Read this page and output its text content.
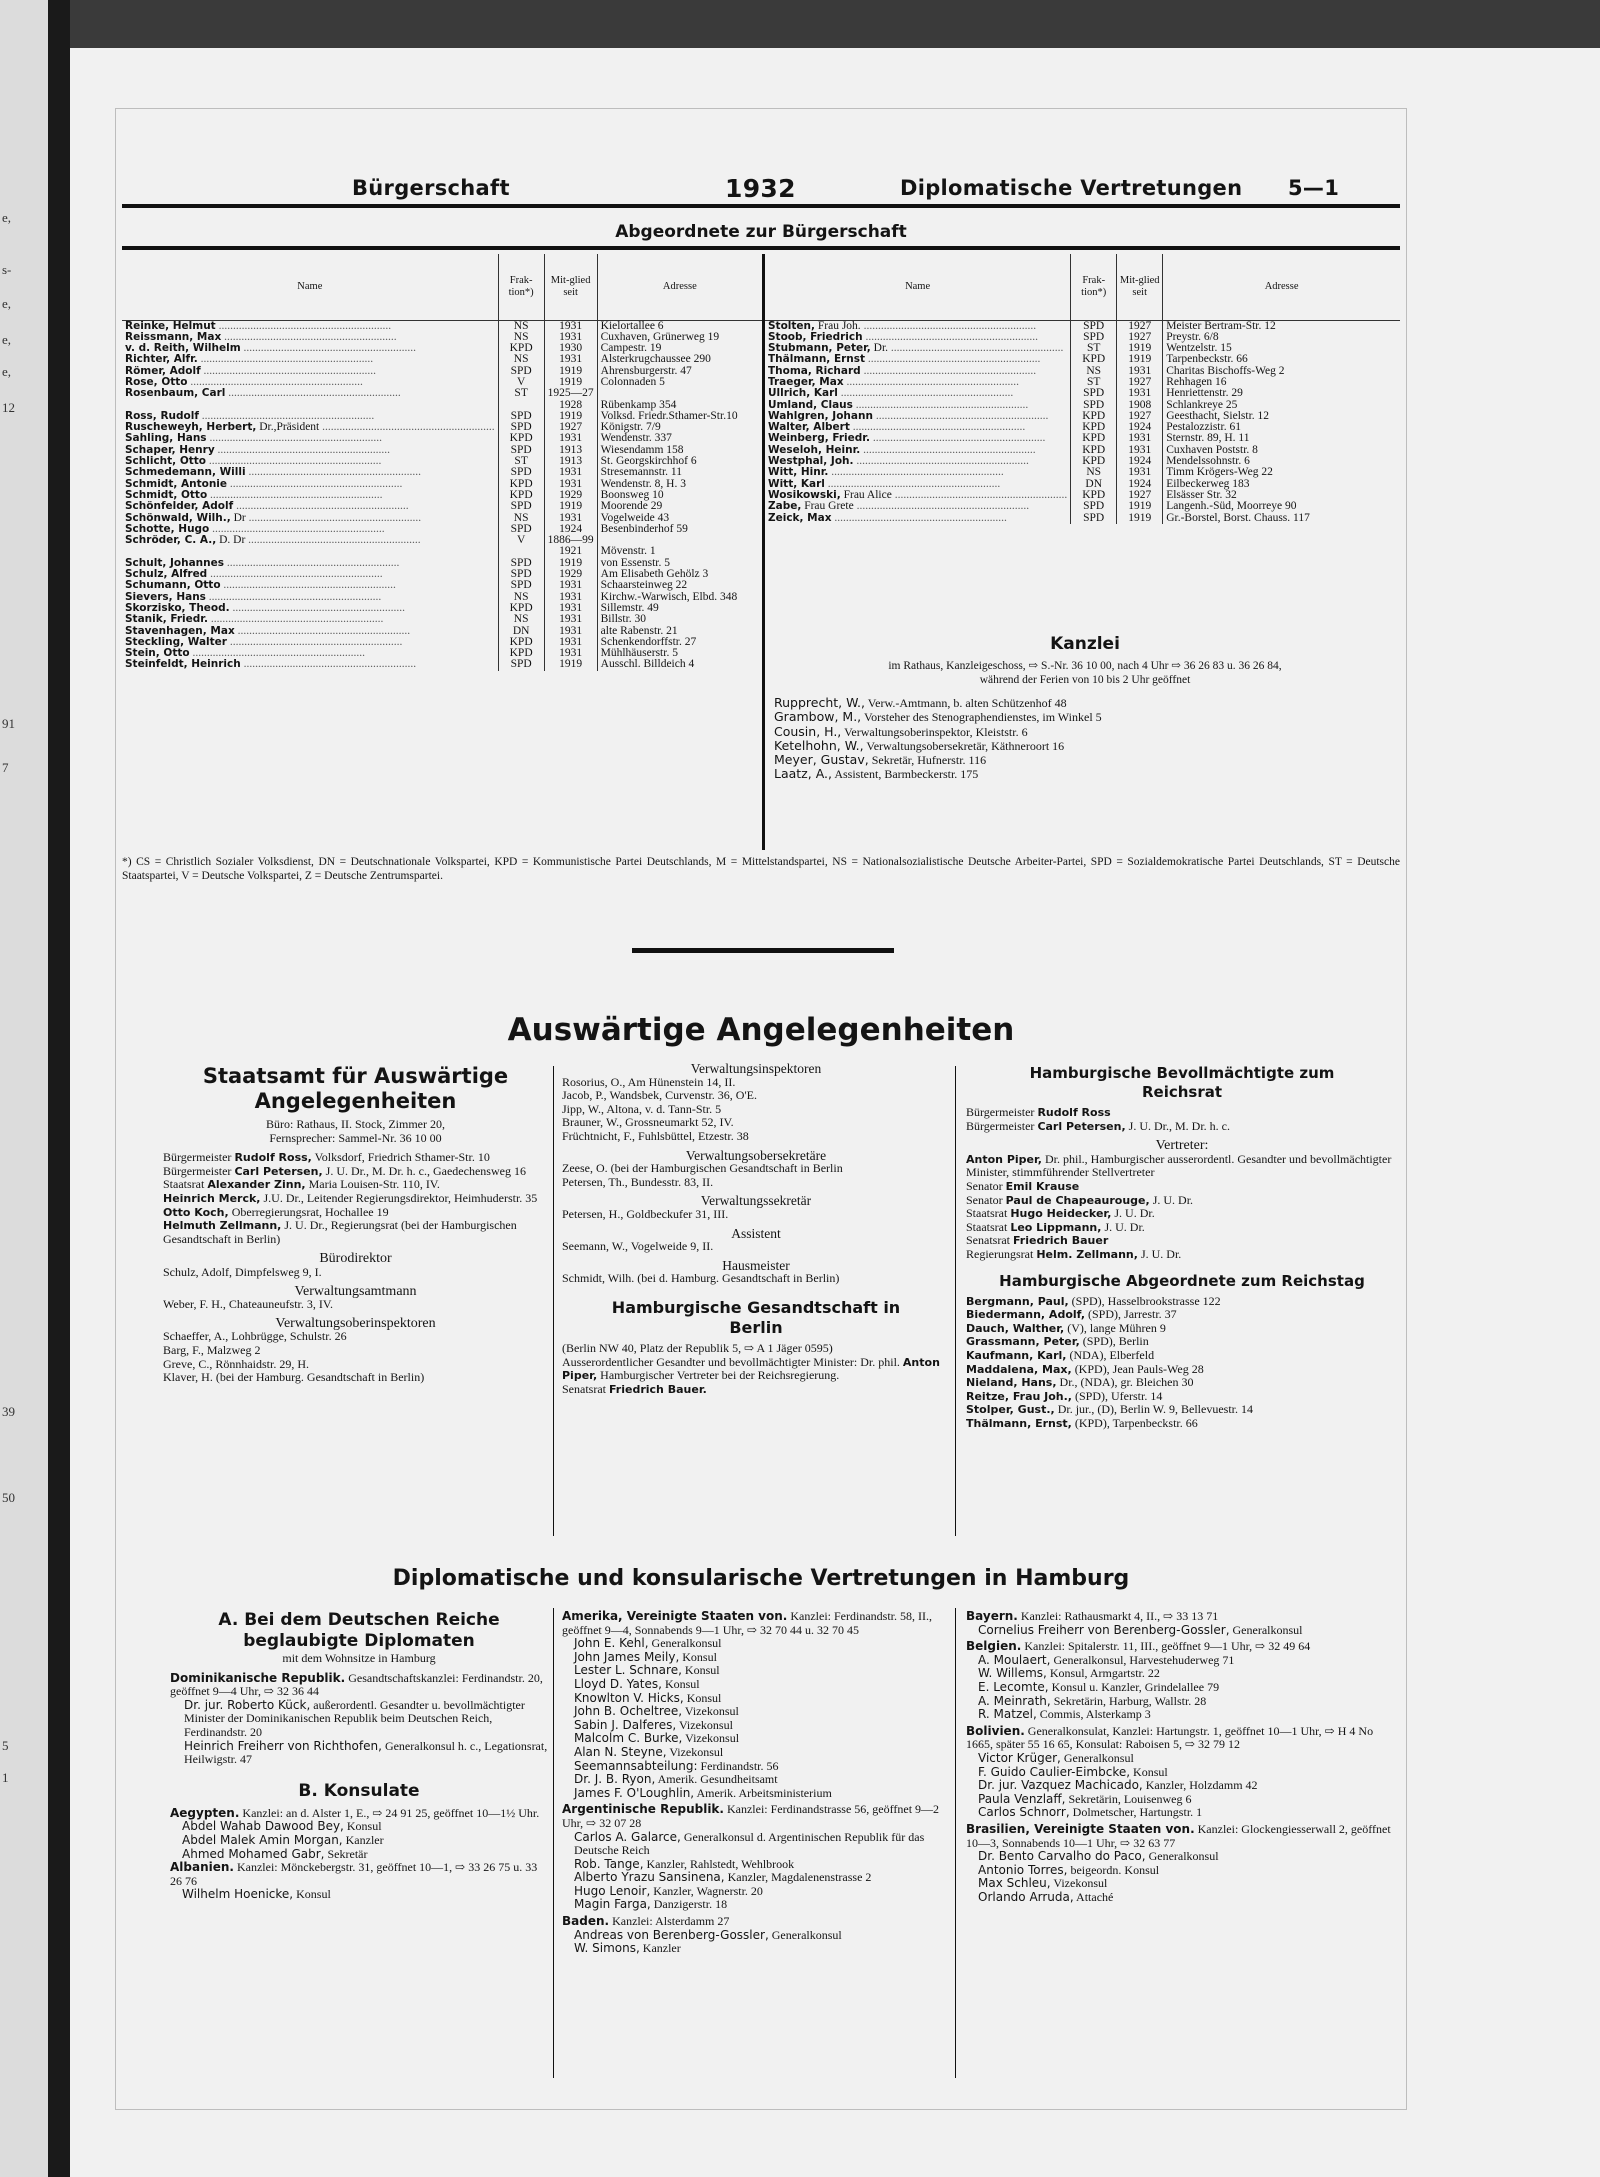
e,
s-
e,
e,
e,
12
91
7
39
50
5
1
Bürgerschaft	1932	Diplomatische Vertretungen 5—1
Abgeordnete zur Bürgerschaft
Name	Frak-tion*)	Mit-glied seit	Adresse
Reinke, Helmut ............................................................	NS	1931	Kielortallee 6
Reissmann, Max ............................................................	NS	1931	Cuxhaven, Grünerweg 19
v. d. Reith, Wilhelm ............................................................	KPD	1930	Campestr. 19
Richter, Alfr. ............................................................	NS	1931	Alsterkrugchaussee 290
Römer, Adolf ............................................................	SPD	1919	Ahrensburgerstr. 47
Rose, Otto ............................................................	V	1919	Colonnaden 5
Rosenbaum, Carl ............................................................	ST	1925—27	
		1928	Rübenkamp 354
Ross, Rudolf ............................................................	SPD	1919	Volksd. Friedr.Sthamer-Str.10
Ruscheweyh, Herbert, Dr.,Präsident ............................................................	SPD	1927	Königstr. 7/9
Sahling, Hans ............................................................	KPD	1931	Wendenstr. 337
Schaper, Henry ............................................................	SPD	1913	Wiesendamm 158
Schlicht, Otto ............................................................	ST	1913	St. Georgskirchhof 6
Schmedemann, Willi ............................................................	SPD	1931	Stresemannstr. 11
Schmidt, Antonie ............................................................	KPD	1931	Wendenstr. 8, H. 3
Schmidt, Otto ............................................................	KPD	1929	Boonsweg 10
Schönfelder, Adolf ............................................................	SPD	1919	Moorende 29
Schönwald, Wilh., Dr ............................................................	NS	1931	Vogelweide 43
Schotte, Hugo ............................................................	SPD	1924	Besenbinderhof 59
Schröder, C. A., D. Dr ............................................................	V	1886—99	
		1921	Mövenstr. 1
Schult, Johannes ............................................................	SPD	1919	von Essenstr. 5
Schulz, Alfred ............................................................	SPD	1929	Am Elisabeth Gehölz 3
Schumann, Otto ............................................................	SPD	1931	Schaarsteinweg 22
Sievers, Hans ............................................................	NS	1931	Kirchw.-Warwisch, Elbd. 348
Skorzisko, Theod. ............................................................	KPD	1931	Sillemstr. 49
Stanik, Friedr. ............................................................	NS	1931	Billstr. 30
Stavenhagen, Max ............................................................	DN	1931	alte Rabenstr. 21
Steckling, Walter ............................................................	KPD	1931	Schenkendorffstr. 27
Stein, Otto ............................................................	KPD	1931	Mühlhäuserstr. 5
Steinfeldt, Heinrich ............................................................	SPD	1919	Ausschl. Billdeich 4
Name	Frak-tion*)	Mit-glied seit	Adresse
Stolten, Frau Joh. ............................................................	SPD	1927	Meister Bertram-Str. 12
Stoob, Friedrich ............................................................	SPD	1927	Preystr. 6/8
Stubmann, Peter, Dr. ............................................................	ST	1919	Wentzelstr. 15
Thälmann, Ernst ............................................................	KPD	1919	Tarpenbeckstr. 66
Thoma, Richard ............................................................	NS	1931	Charitas Bischoffs-Weg 2
Traeger, Max ............................................................	ST	1927	Rehhagen 16
Ullrich, Karl ............................................................	SPD	1931	Henriettenstr. 29
Umland, Claus ............................................................	SPD	1908	Schlankreye 25
Wahlgren, Johann ............................................................	KPD	1927	Geesthacht, Sielstr. 12
Walter, Albert ............................................................	KPD	1924	Pestalozzistr. 61
Weinberg, Friedr. ............................................................	KPD	1931	Sternstr. 89, H. 11
Weseloh, Heinr. ............................................................	KPD	1931	Cuxhaven Poststr. 8
Westphal, Joh. ............................................................	KPD	1924	Mendelssohnstr. 6
Witt, Hinr. ............................................................	NS	1931	Timm Krögers-Weg 22
Witt, Karl ............................................................	DN	1924	Eilbeckerweg 183
Wosikowski, Frau Alice ............................................................	KPD	1927	Elsässer Str. 32
Zabe, Frau Grete ............................................................	SPD	1919	Langenh.-Süd, Moorreye 90
Zeick, Max ............................................................	SPD	1919	Gr.-Borstel, Borst. Chauss. 117
Kanzlei

im Rathaus, Kanzleigeschoss, ⇨ S.-Nr. 36 10 00, nach 4 Uhr ⇨ 36 26 83 u. 36 26 84,

während der Ferien von 10 bis 2 Uhr geöffnet

Rupprecht, W., Verw.-Amtmann, b. alten Schützenhof 48

Grambow, M., Vorsteher des Stenographendienstes, im Winkel 5

Cousin, H., Verwaltungsoberinspektor, Kleiststr. 6

Ketelhohn, W., Verwaltungsobersekretär, Käthneroort 16

Meyer, Gustav, Sekretär, Hufnerstr. 116

Laatz, A., Assistent, Barmbeckerstr. 175

*) CS = Christlich Sozialer Volksdienst, DN = Deutschnationale Volkspartei, KPD = Kommunistische Partei Deutschlands, M = Mittelstandspartei, NS = Nationalsozialistische Deutsche Arbeiter-Partei, SPD = Sozialdemokratische Partei Deutschlands, ST = Deutsche Staatspartei, V = Deutsche Volkspartei, Z = Deutsche Zentrumspartei.
Auswärtige Angelegenheiten
Staatsamt für Auswärtige Angelegenheiten
Büro: Rathaus, II. Stock, Zimmer 20,
Fernsprecher: Sammel-Nr. 36 10 00

Bürgermeister Rudolf Ross, Volksdorf, Friedrich Sthamer-Str. 10

Bürgermeister Carl Petersen, J. U. Dr., M. Dr. h. c., Gaedechensweg 16

Staatsrat Alexander Zinn, Maria Louisen-Str. 110, IV.

Heinrich Merck, J.U. Dr., Leitender Regierungsdirektor, Heimhuderstr. 35

Otto Koch, Oberregierungsrat, Hochallee 19

Helmuth Zellmann, J. U. Dr., Regierungsrat (bei der Hamburgischen Gesandtschaft in Berlin)

Bürodirektor
Schulz, Adolf, Dimpfelsweg 9, I.
Verwaltungsamtmann
Weber, F. H., Chateauneufstr. 3, IV.
Verwaltungsoberinspektoren

Schaeffer, A., Lohbrügge, Schulstr. 26

Barg, F., Malzweg 2

Greve, C., Rönnhaidstr. 29, H.

Klaver, H. (bei der Hamburg. Gesandtschaft in Berlin)

Verwaltungsinspektoren

Rosorius, O., Am Hünenstein 14, II.

Jacob, P., Wandsbek, Curvenstr. 36, O'E.

Jipp, W., Altona, v. d. Tann-Str. 5

Brauner, W., Grossneumarkt 52, IV.

Früchtnicht, F., Fuhlsbüttel, Etzestr. 38

Verwaltungsobersekretäre

Zeese, O. (bei der Hamburgischen Gesandtschaft in Berlin

Petersen, Th., Bundesstr. 83, II.

Verwaltungssekretär
Petersen, H., Goldbeckufer 31, III.
Assistent
Seemann, W., Vogelweide 9, II.
Hausmeister
Schmidt, Wilh. (bei d. Hamburg. Gesandtschaft in Berlin)
Hamburgische Gesandtschaft in Berlin
(Berlin NW 40, Platz der Republik 5, ⇨ A 1 Jäger 0595)
Ausserordentlicher Gesandter und bevollmächtigter Minister: Dr. phil. Anton Piper, Hamburgischer Vertreter bei der Reichsregierung.
Senatsrat Friedrich Bauer.
Hamburgische Bevollmächtigte zum Reichsrat

Bürgermeister Rudolf Ross

Bürgermeister Carl Petersen, J. U. Dr., M. Dr. h. c.

Vertreter:
Anton Piper, Dr. phil., Hamburgischer ausserordentl. Gesandter und bevollmächtigter Minister, stimmführender Stellvertreter

Senator Emil Krause

Senator Paul de Chapeaurouge, J. U. Dr.

Staatsrat Hugo Heidecker, J. U. Dr.

Staatsrat Leo Lippmann, J. U. Dr.

Senatsrat Friedrich Bauer

Regierungsrat Helm. Zellmann, J. U. Dr.

Hamburgische Abgeordnete zum Reichstag

Bergmann, Paul, (SPD), Hasselbrookstrasse 122

Biedermann, Adolf, (SPD), Jarrestr. 37

Dauch, Walther, (V), lange Mühren 9

Grassmann, Peter, (SPD), Berlin

Kaufmann, Karl, (NDA), Elberfeld

Maddalena, Max, (KPD), Jean Pauls-Weg 28

Nieland, Hans, Dr., (NDA), gr. Bleichen 30

Reitze, Frau Joh., (SPD), Uferstr. 14

Stolper, Gust., Dr. jur., (D), Berlin W. 9, Bellevuestr. 14

Thälmann, Ernst, (KPD), Tarpenbeckstr. 66

Diplomatische und konsularische Vertretungen in Hamburg
A. Bei dem Deutschen Reiche beglaubigte Diplomaten
mit dem Wohnsitze in Hamburg
Dominikanische Republik. Gesandtschaftskanzlei: Ferdinandstr. 20, geöffnet 9—4 Uhr, ⇨ 32 36 44
Dr. jur. Roberto Kück, außerordentl. Gesandter u. bevollmächtigter Minister der Dominikanischen Republik beim Deutschen Reich, Ferdinandstr. 20
Heinrich Freiherr von Richthofen, Generalkonsul h. c., Legationsrat, Heilwigstr. 47
B. Konsulate
Aegypten. Kanzlei: an d. Alster 1, E., ⇨ 24 91 25, geöffnet 10—1½ Uhr.

Abdel Wahab Dawood Bey, Konsul

Abdel Malek Amin Morgan, Kanzler

Ahmed Mohamed Gabr, Sekretär

Albanien. Kanzlei: Mönckebergstr. 31, geöffnet 10—1, ⇨ 33 26 75 u. 33 26 76

Wilhelm Hoenicke, Konsul

Amerika, Vereinigte Staaten von. Kanzlei: Ferdinandstr. 58, II., geöffnet 9—4, Sonnabends 9—1 Uhr, ⇨ 32 70 44 u. 32 70 45

John E. Kehl, Generalkonsul

John James Meily, Konsul

Lester L. Schnare, Konsul

Lloyd D. Yates, Konsul

Knowlton V. Hicks, Konsul

John B. Ocheltree, Vizekonsul

Sabin J. Dalferes, Vizekonsul

Malcolm C. Burke, Vizekonsul

Alan N. Steyne, Vizekonsul

Seemannsabteilung: Ferdinandstr. 56

Dr. J. B. Ryon, Amerik. Gesundheitsamt

James F. O'Loughlin, Amerik. Arbeitsministerium

Argentinische Republik. Kanzlei: Ferdinandstrasse 56, geöffnet 9—2 Uhr, ⇨ 32 07 28

Carlos A. Galarce, Generalkonsul d. Argentinischen Republik für das Deutsche Reich

Rob. Tange, Kanzler, Rahlstedt, Wehlbrook

Alberto Yrazu Sansinena, Kanzler, Magdalenenstrasse 2

Hugo Lenoir, Kanzler, Wagnerstr. 20

Magin Farga, Danzigerstr. 18

Baden. Kanzlei: Alsterdamm 27

Andreas von Berenberg-Gossler, Generalkonsul

W. Simons, Kanzler

Bayern. Kanzlei: Rathausmarkt 4, II., ⇨ 33 13 71

Cornelius Freiherr von Berenberg-Gossler, Generalkonsul

Belgien. Kanzlei: Spitalerstr. 11, III., geöffnet 9—1 Uhr, ⇨ 32 49 64

A. Moulaert, Generalkonsul, Harvestehuderweg 71

W. Willems, Konsul, Armgartstr. 22

E. Lecomte, Konsul u. Kanzler, Grindelallee 79

A. Meinrath, Sekretärin, Harburg, Wallstr. 28

R. Matzel, Commis, Alsterkamp 3

Bolivien. Generalkonsulat, Kanzlei: Hartungstr. 1, geöffnet 10—1 Uhr, ⇨ H 4 No 1665, später 55 16 65, Konsulat: Raboisen 5, ⇨ 32 79 12

Victor Krüger, Generalkonsul

F. Guido Caulier-Eimbcke, Konsul

Dr. jur. Vazquez Machicado, Kanzler, Holzdamm 42

Paula Venzlaff, Sekretärin, Louisenweg 6

Carlos Schnorr, Dolmetscher, Hartungstr. 1

Brasilien, Vereinigte Staaten von. Kanzlei: Glockengiesserwall 2, geöffnet 10—3, Sonnabends 10—1 Uhr, ⇨ 32 63 77

Dr. Bento Carvalho do Paco, Generalkonsul

Antonio Torres, beigeordn. Konsul

Max Schleu, Vizekonsul

Orlando Arruda, Attaché
